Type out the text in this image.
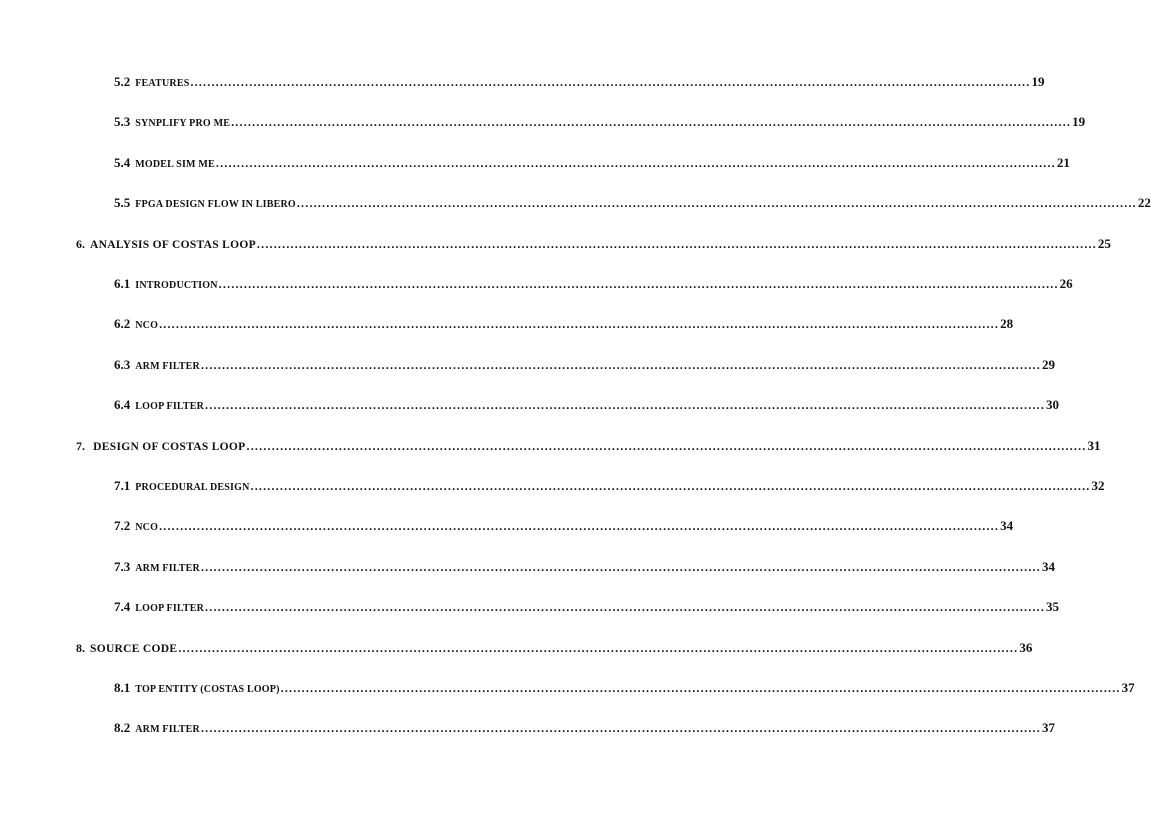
5.2 FEATURES ........................................................................................................................................................................................................ 19
5.3 SYNPLIFY PRO ME ........................................................................................................................................................................................................ 19
5.4 MODEL SIM ME ........................................................................................................................................................................................................ 21
5.5 FPGA DESIGN FLOW IN LIBERO ........................................................................................................................................................................................................ 22
6. ANALYSIS OF COSTAS LOOP ........................................................................................................................................................................................................ 25
6.1 INTRODUCTION ........................................................................................................................................................................................................ 26
6.2 NCO ........................................................................................................................................................................................................ 28
6.3 ARM FILTER ........................................................................................................................................................................................................ 29
6.4 LOOP FILTER ........................................................................................................................................................................................................ 30
7. DESIGN OF COSTAS LOOP ........................................................................................................................................................................................................ 31
7.1 PROCEDURAL DESIGN ........................................................................................................................................................................................................ 32
7.2 NCO ........................................................................................................................................................................................................ 34
7.3 ARM FILTER ........................................................................................................................................................................................................ 34
7.4 LOOP FILTER ........................................................................................................................................................................................................ 35
8. SOURCE CODE ........................................................................................................................................................................................................ 36
8.1 TOP ENTITY (COSTAS LOOP) ........................................................................................................................................................................................................ 37
8.2 ARM FILTER ........................................................................................................................................................................................................ 37
